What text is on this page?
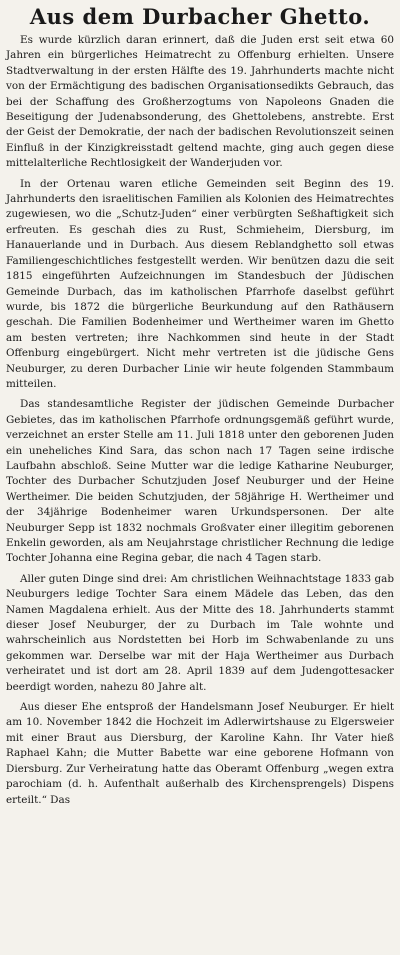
Aus dem Durbacher Ghetto.

Es wurde kürzlich daran erinnert, daß die Juden erst seit etwa 60 Jahren ein bürgerliches Heimatrecht zu Offenburg erhielten. Unsere Stadtverwaltung in der ersten Hälfte des 19. Jahrhunderts machte nicht von der Ermächtigung des badischen Organisationsedikts Gebrauch, das bei der Schaffung des Großherzogtums von Napoleons Gnaden die Beseitigung der Judenabsonderung, des Ghettolebens, anstrebte. Erst der Geist der Demokratie, der nach der badischen Revolutionszeit seinen Einfluß in der Kinzigkreisstadt geltend machte, ging auch gegen diese mittelalterliche Rechtlosigkeit der Wanderjuden vor.

In der Ortenau waren etliche Gemeinden seit Beginn des 19. Jahrhunderts den israelitischen Familien als Kolonien des Heimatrechtes zugewiesen, wo die „Schutz-Juden“ einer verbürgten Seßhaftigkeit sich erfreuten. Es geschah dies zu Rust, Schmieheim, Diersburg, im Hanauerlande und in Durbach. Aus diesem Reblandghetto soll etwas Familiengeschichtliches festgestellt werden. Wir benützen dazu die seit 1815 eingeführten Aufzeichnungen im Standesbuch der Jüdischen Gemeinde Durbach, das im katholischen Pfarrhofe daselbst geführt wurde, bis 1872 die bürgerliche Beurkundung auf den Rathäusern geschah. Die Familien Bodenheimer und Wertheimer waren im Ghetto am besten vertreten; ihre Nachkommen sind heute in der Stadt Offenburg eingebürgert. Nicht mehr vertreten ist die jüdische Gens Neuburger, zu deren Durbacher Linie wir heute folgenden Stammbaum mitteilen.

Das standesamtliche Register der jüdischen Gemeinde Durbacher Gebietes, das im katholischen Pfarrhofe ordnungsgemäß geführt wurde, verzeichnet an erster Stelle am 11. Juli 1818 unter den geborenen Juden ein uneheliches Kind Sara, das schon nach 17 Tagen seine irdische Laufbahn abschloß. Seine Mutter war die ledige Katharine Neuburger, Tochter des Durbacher Schutzjuden Josef Neuburger und der Heine Wertheimer. Die beiden Schutzjuden, der 58jährige H. Wertheimer und der 34jährige Bodenheimer waren Urkundspersonen. Der alte Neuburger Sepp ist 1832 nochmals Großvater einer illegitim geborenen Enkelin geworden, als am Neujahrstage christlicher Rechnung die ledige Tochter Johanna eine Regina gebar, die nach 4 Tagen starb.

Aller guten Dinge sind drei: Am christlichen Weihnachtstage 1833 gab Neuburgers ledige Tochter Sara einem Mädele das Leben, das den Namen Magdalena erhielt. Aus der Mitte des 18. Jahrhunderts stammt dieser Josef Neuburger, der zu Durbach im Tale wohnte und wahrscheinlich aus Nordstetten bei Horb im Schwabenlande zu uns gekommen war. Derselbe war mit der Haja Wertheimer aus Durbach verheiratet und ist dort am 28. April 1839 auf dem Judengottesacker beerdigt worden, nahezu 80 Jahre alt.

Aus dieser Ehe entsproß der Handelsmann Josef Neuburger. Er hielt am 10. November 1842 die Hochzeit im Adlerwirtshause zu Elgersweier mit einer Braut aus Diersburg, der Karoline Kahn. Ihr Vater hieß Raphael Kahn; die Mutter Babette war eine geborene Hofmann von Diersburg. Zur Verheiratung hatte das Oberamt Offenburg „wegen extra parochiam (d. h. Aufenthalt außerhalb des Kirchensprengels) Dispens erteilt.“ Das
